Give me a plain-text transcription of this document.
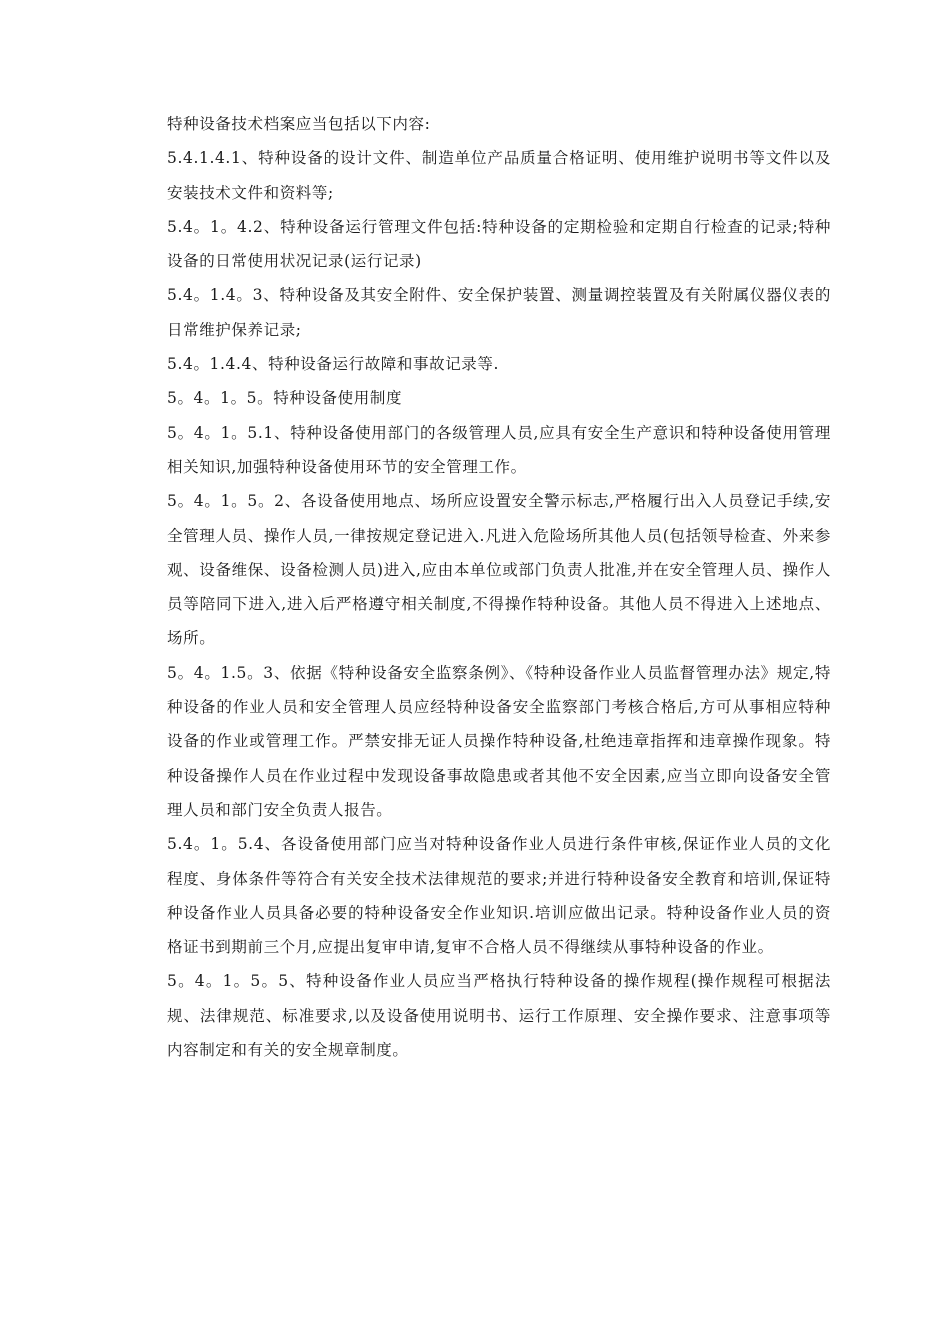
特种设备技术档案应当包括以下内容:

5.4.1.4.1、特种设备的设计文件、制造单位产品质量合格证明、使用维护说明书等文件以及安装技术文件和资料等;

5.4。1。4.2、特种设备运行管理文件包括:特种设备的定期检验和定期自行检查的记录;特种设备的日常使用状况记录(运行记录)

5.4。1.4。3、特种设备及其安全附件、安全保护装置、测量调控装置及有关附属仪器仪表的日常维护保养记录;

5.4。1.4.4、特种设备运行故障和事故记录等.

5。4。1。5。特种设备使用制度

5。4。1。5.1、特种设备使用部门的各级管理人员,应具有安全生产意识和特种设备使用管理相关知识,加强特种设备使用环节的安全管理工作。

5。4。1。5。2、各设备使用地点、场所应设置安全警示标志,严格履行出入人员登记手续,安全管理人员、操作人员,一律按规定登记进入.凡进入危险场所其他人员(包括领导检查、外来参观、设备维保、设备检测人员)进入,应由本单位或部门负责人批准,并在安全管理人员、操作人员等陪同下进入,进入后严格遵守相关制度,不得操作特种设备。其他人员不得进入上述地点、场所。

5。4。1.5。3、依据《特种设备安全监察条例》、《特种设备作业人员监督管理办法》规定,特种设备的作业人员和安全管理人员应经特种设备安全监察部门考核合格后,方可从事相应特种设备的作业或管理工作。严禁安排无证人员操作特种设备,杜绝违章指挥和违章操作现象。特种设备操作人员在作业过程中发现设备事故隐患或者其他不安全因素,应当立即向设备安全管理人员和部门安全负责人报告。

5.4。1。5.4、各设备使用部门应当对特种设备作业人员进行条件审核,保证作业人员的文化程度、身体条件等符合有关安全技术法律规范的要求;并进行特种设备安全教育和培训,保证特种设备作业人员具备必要的特种设备安全作业知识.培训应做出记录。特种设备作业人员的资格证书到期前三个月,应提出复审申请,复审不合格人员不得继续从事特种设备的作业。

5。4。1。5。5、特种设备作业人员应当严格执行特种设备的操作规程(操作规程可根据法规、法律规范、标准要求,以及设备使用说明书、运行工作原理、安全操作要求、注意事项等内容制定和有关的安全规章制度。
